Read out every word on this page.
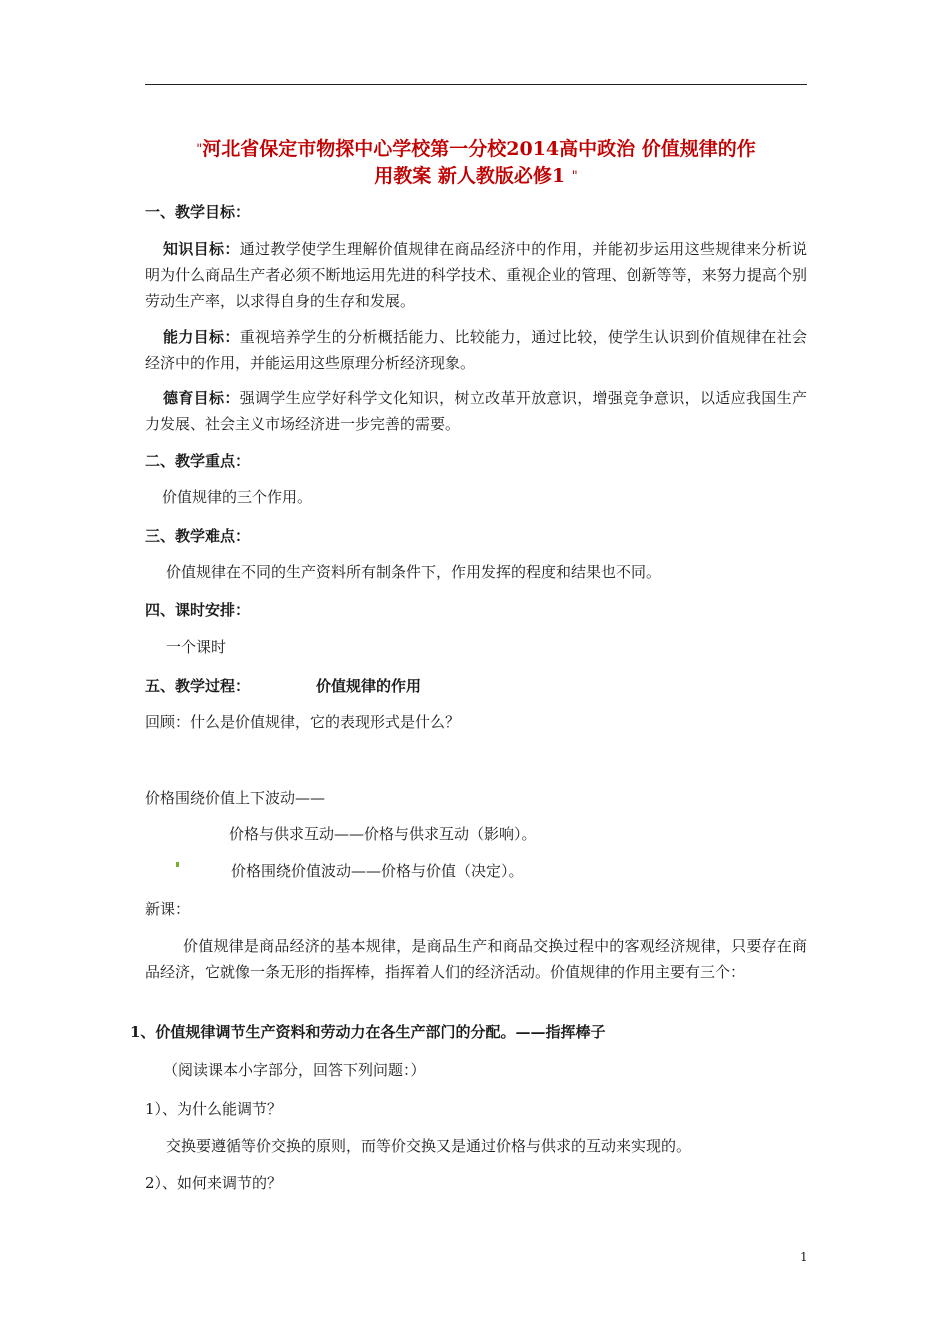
"河北省保定市物探中心学校第一分校2014高中政治 价值规律的作
用教案 新人教版必修1 "
一、教学目标：
知识目标：通过教学使学生理解价值规律在商品经济中的作用，并能初步运用这些规律来分析说明为什么商品生产者必须不断地运用先进的科学技术、重视企业的管理、创新等等，来努力提高个别劳动生产率，以求得自身的生存和发展。
能力目标：重视培养学生的分析概括能力、比较能力，通过比较，使学生认识到价值规律在社会经济中的作用，并能运用这些原理分析经济现象。
德育目标：强调学生应学好科学文化知识，树立改革开放意识，增强竞争意识，以适应我国生产力发展、社会主义市场经济进一步完善的需要。
二、教学重点：
价值规律的三个作用。
三、教学难点：
价值规律在不同的生产资料所有制条件下，作用发挥的程度和结果也不同。
四、课时安排：
一个课时
五、教学过程：	价值规律的作用
回顾：什么是价值规律，它的表现形式是什么？
价格围绕价值上下波动——
价格与供求互动——价格与供求互动（影响）。
价格围绕价值波动——价格与价值（决定）。
新课：
价值规律是商品经济的基本规律，是商品生产和商品交换过程中的客观经济规律，只要存在商品经济，它就像一条无形的指挥棒，指挥着人们的经济活动。价值规律的作用主要有三个：
1、价值规律调节生产资料和劳动力在各生产部门的分配。——指挥棒子
（阅读课本小字部分，回答下列问题：）
1）、为什么能调节？
交换要遵循等价交换的原则，而等价交换又是通过价格与供求的互动来实现的。
2）、如何来调节的？
1
